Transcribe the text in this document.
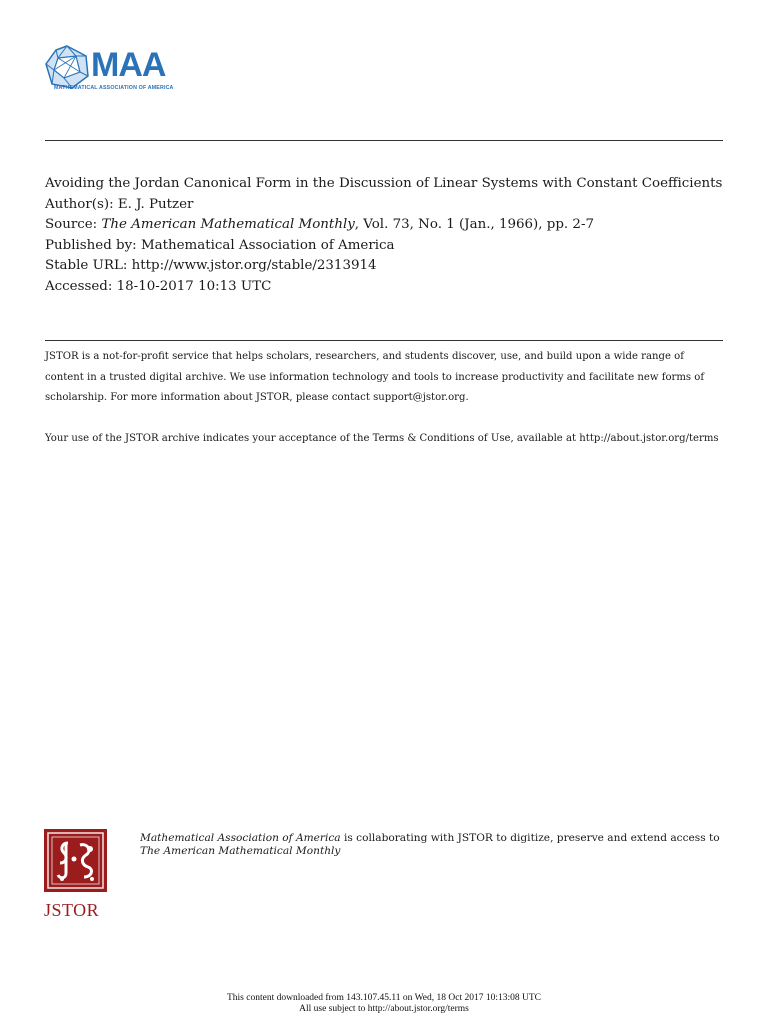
MAA
MATHEMATICAL ASSOCIATION OF AMERICA
Avoiding the Jordan Canonical Form in the Discussion of Linear Systems with Constant Coefficients
Author(s): E. J. Putzer
Source: The American Mathematical Monthly, Vol. 73, No. 1 (Jan., 1966), pp. 2-7
Published by: Mathematical Association of America
Stable URL: http://www.jstor.org/stable/2313914
Accessed: 18-10-2017 10:13 UTC

JSTOR is a not-for-profit service that helps scholars, researchers, and students discover, use, and build upon a wide range of content in a trusted digital archive. We use information technology and tools to increase productivity and facilitate new forms of scholarship. For more information about JSTOR, please contact support@jstor.org.

Your use of the JSTOR archive indicates your acceptance of the Terms & Conditions of Use, available at http://about.jstor.org/terms

JSTOR
Mathematical Association of America is collaborating with JSTOR to digitize, preserve and extend access to The American Mathematical Monthly
This content downloaded from 143.107.45.11 on Wed, 18 Oct 2017 10:13:08 UTC
All use subject to http://about.jstor.org/terms
